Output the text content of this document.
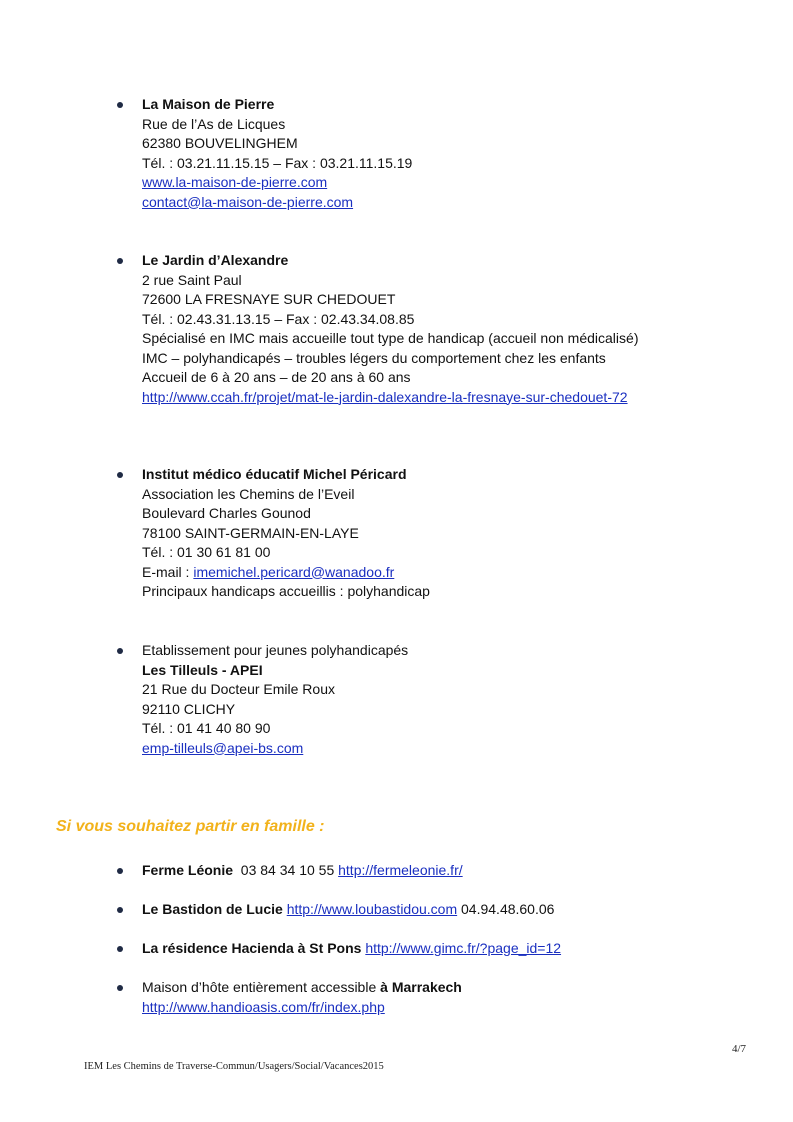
La Maison de Pierre
Rue de l’As de Licques
62380 BOUVELINGHEM
Tél. : 03.21.11.15.15 – Fax : 03.21.11.15.19
www.la-maison-de-pierre.com
contact@la-maison-de-pierre.com
Le Jardin d’Alexandre
2 rue Saint Paul
72600 LA FRESNAYE SUR CHEDOUET
Tél. : 02.43.31.13.15 – Fax : 02.43.34.08.85
Spécialisé en IMC mais accueille tout type de handicap (accueil non médicalisé)
IMC – polyhandicapés – troubles légers du comportement chez les enfants
Accueil de 6 à 20 ans – de 20 ans à 60 ans
http://www.ccah.fr/projet/mat-le-jardin-dalexandre-la-fresnaye-sur-chedouet-72
Institut médico éducatif Michel Péricard
Association les Chemins de l’Eveil
Boulevard Charles Gounod
78100 SAINT-GERMAIN-EN-LAYE
Tél. : 01 30 61 81 00
E-mail : imemichel.pericard@wanadoo.fr
Principaux handicaps accueillis : polyhandicap
Etablissement pour jeunes polyhandicapés
Les Tilleuls - APEI
21 Rue du Docteur Emile Roux
92110 CLICHY
Tél. : 01 41 40 80 90
emp-tilleuls@apei-bs.com
Si vous souhaitez partir en famille :
Ferme Léonie  03 84 34 10 55 http://fermeleonie.fr/
Le Bastidon de Lucie http://www.loubastidou.com 04.94.48.60.06
La résidence Hacienda à St Pons http://www.gimc.fr/?page_id=12
Maison d’hôte entièrement accessible à Marrakech
http://www.handioasis.com/fr/index.php
4/7
IEM Les Chemins de Traverse-Commun/Usagers/Social/Vacances2015
